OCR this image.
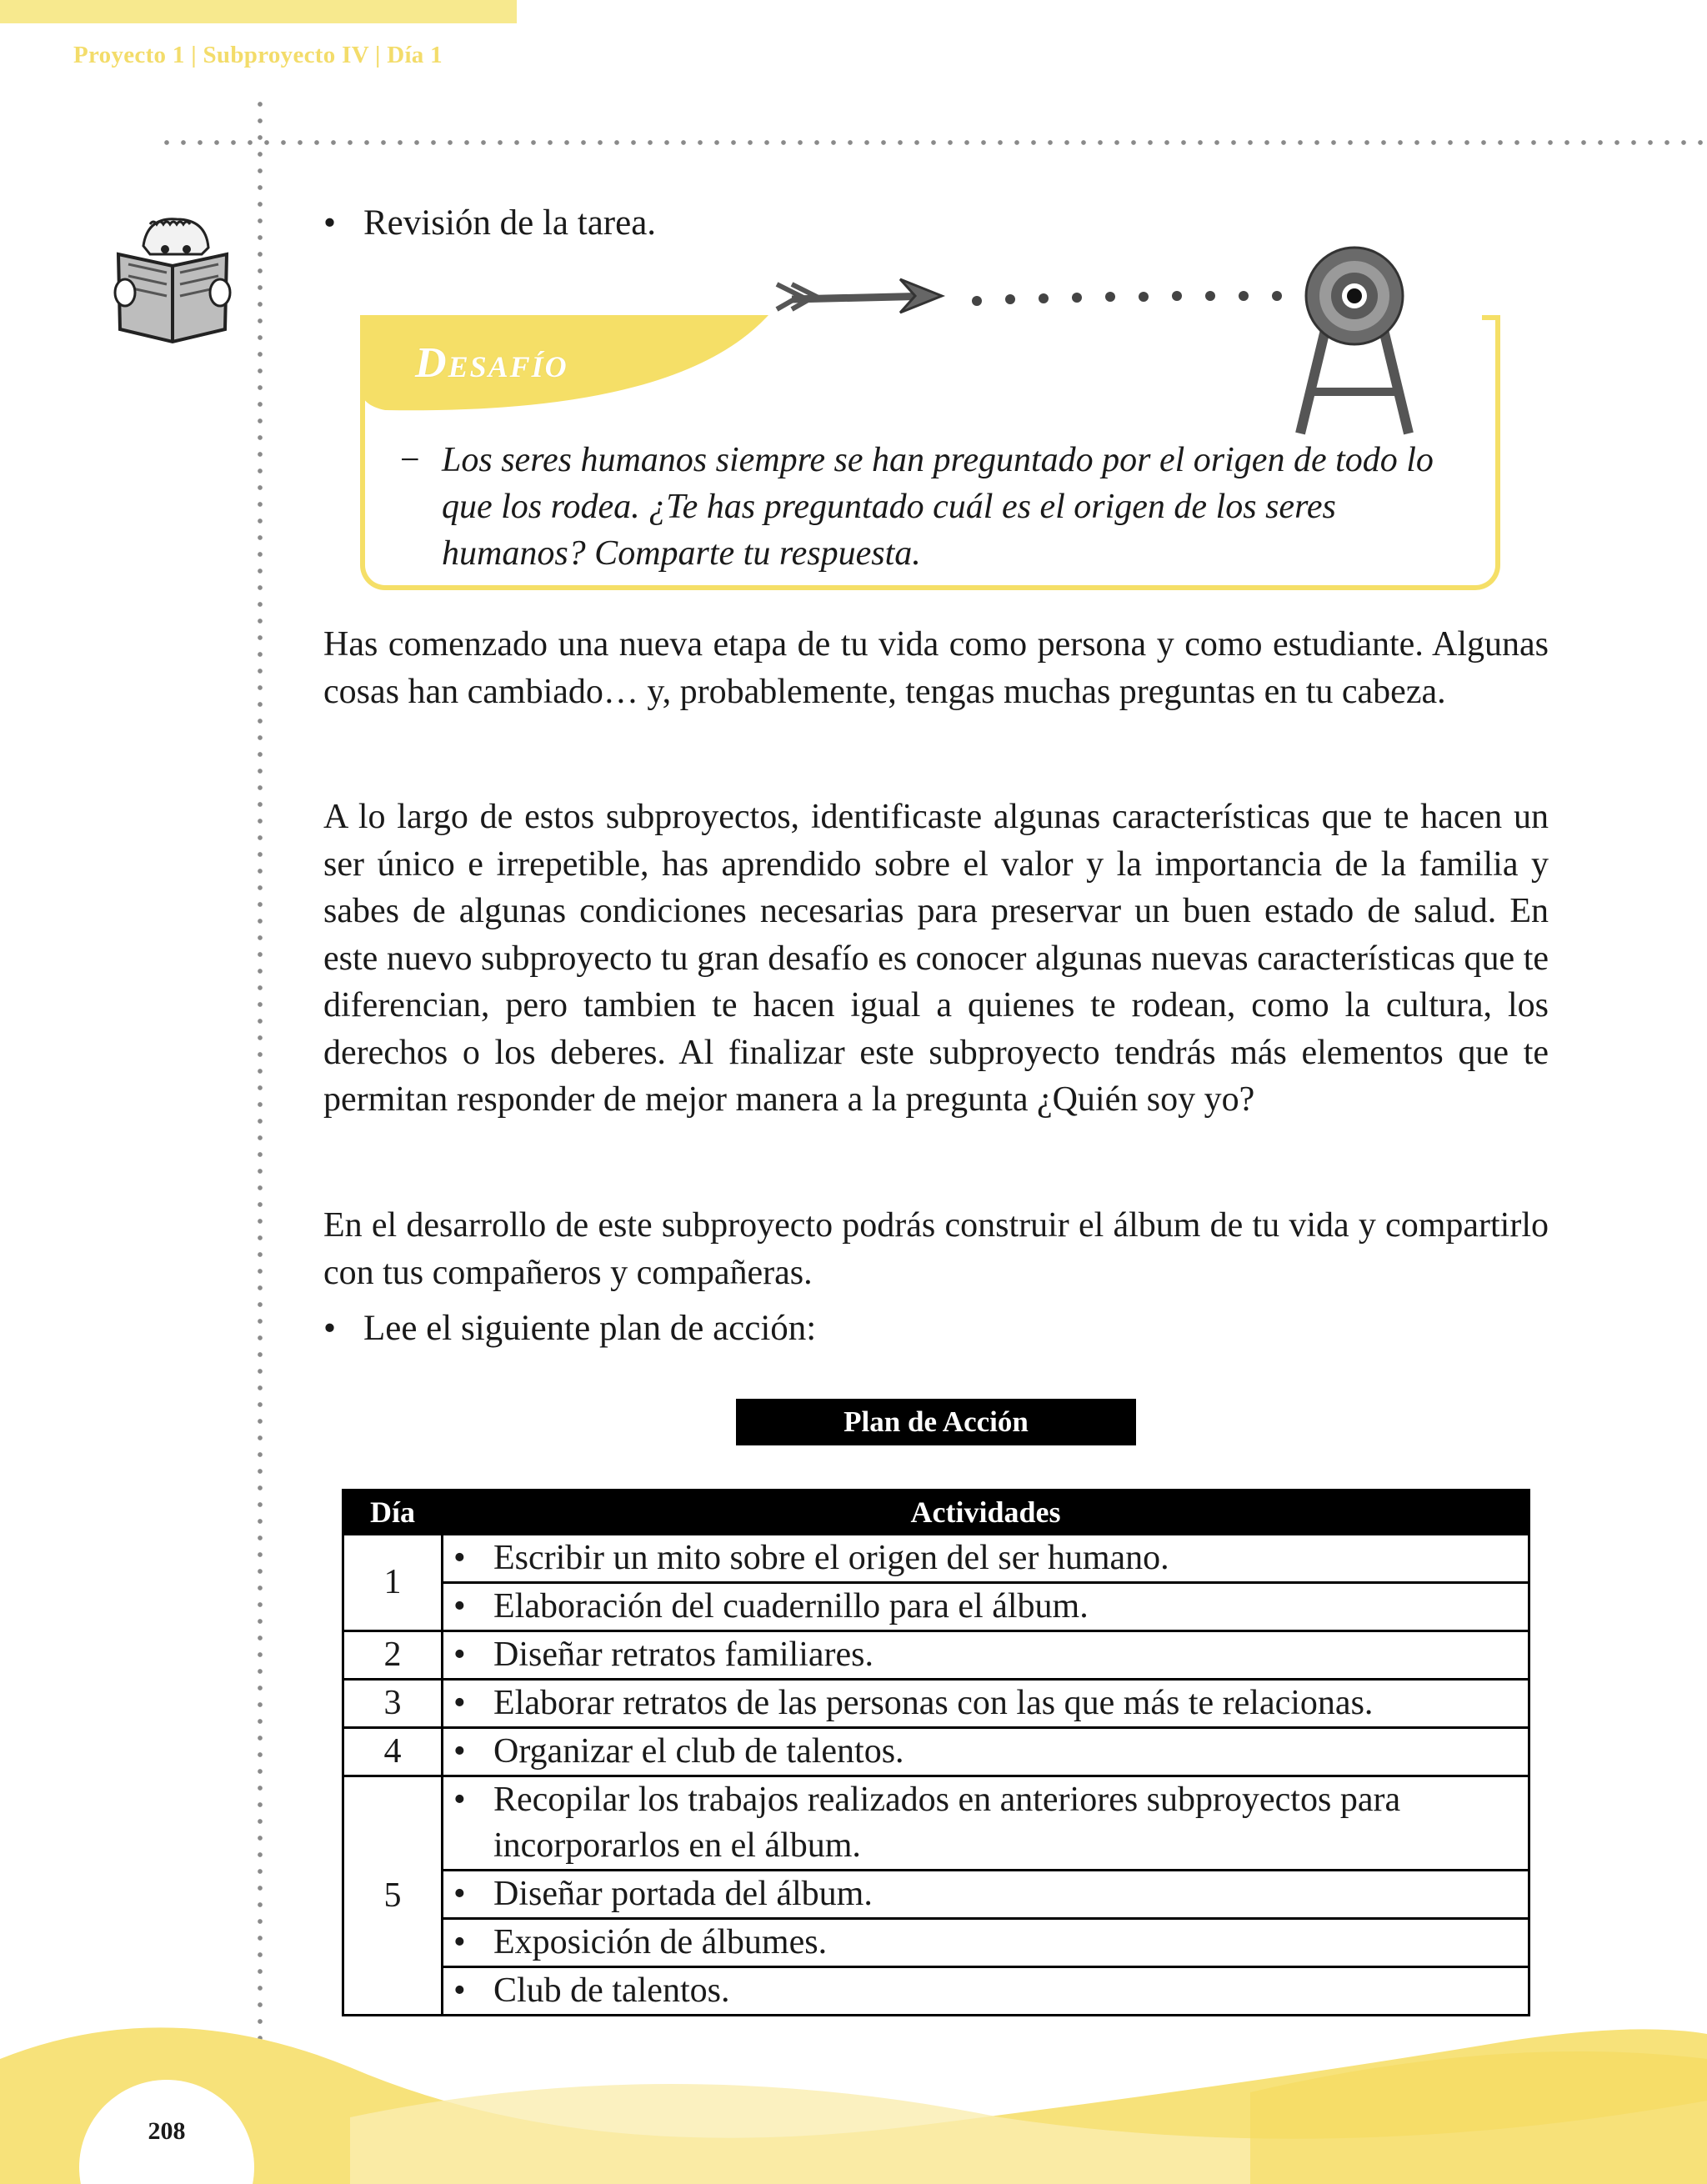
Proyecto 1 | Subproyecto IV | Día 1
• Revisión de la tarea.
DESAFÍO
− Los seres humanos siempre se han preguntado por el origen de todo lo que los rodea. ¿Te has preguntado cuál es el origen de los seres humanos? Comparte tu respuesta.
Has comenzado una nueva etapa de tu vida como persona y como estudiante. Algunas cosas han cambiado… y, probablemente, tengas muchas preguntas en tu cabeza.
A lo largo de estos subproyectos, identificaste algunas características que te hacen un ser único e irrepetible, has aprendido sobre el valor y la importancia de la familia y sabes de algunas condiciones necesarias para preservar un buen estado de salud. En este nuevo subproyecto tu gran desafío es conocer algunas nuevas características que te diferencian, pero tambien te hacen igual a quienes te rodean, como la cultura, los derechos o los deberes. Al finalizar este subproyecto tendrás más elementos que te permitan responder de mejor manera a la pregunta ¿Quién soy yo?
En el desarrollo de este subproyecto podrás construir el álbum de tu vida y compartirlo con tus compañeros y compañeras.
• Lee el siguiente plan de acción:
Plan de Acción
Día	Actividades
1	• Escribir un mito sobre el origen del ser humano.

	• Elaboración del cuadernillo para el álbum.
2	• Diseñar retratos familiares.
3	• Elaborar retratos de las personas con las que más te relacionas.
4	• Organizar el club de talentos.
5	• Recopilar los trabajos realizados en anteriores subproyectos para incorporarlos en el álbum.

	• Diseñar portada del álbum.

	• Exposición de álbumes.

	• Club de talentos.
208
